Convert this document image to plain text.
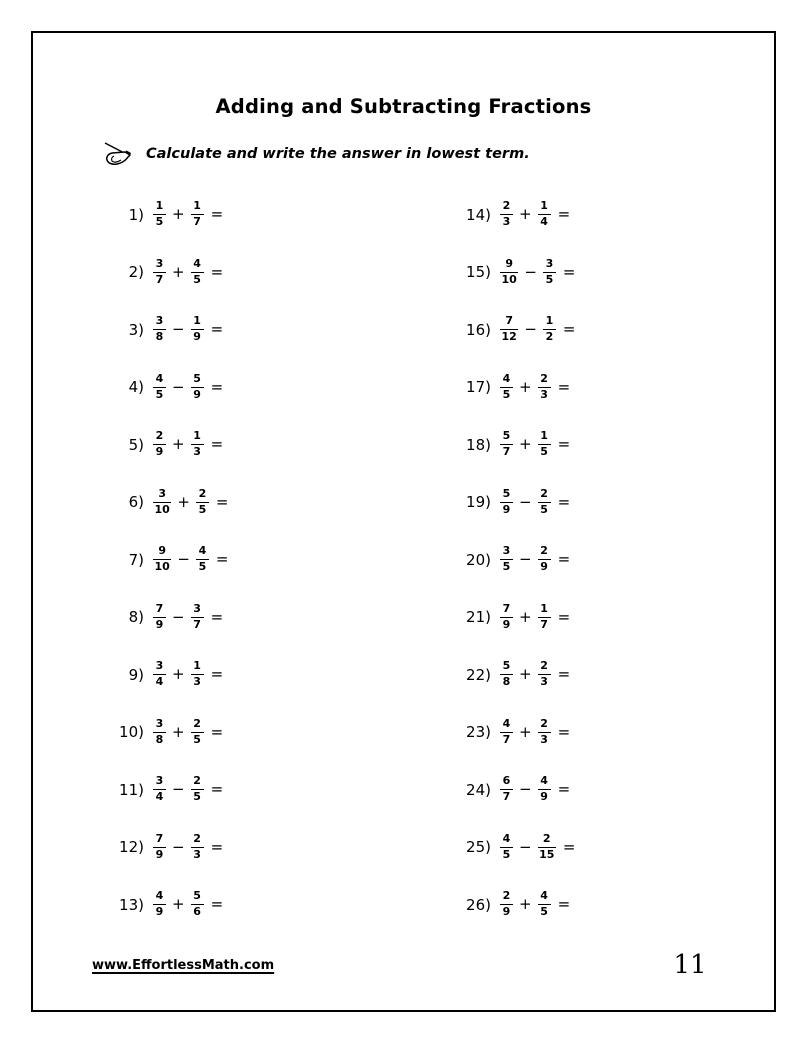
Adding and Subtracting Fractions
Calculate and write the answer in lowest term.
$1) \frac{1}{5} + \frac{1}{7}$ =
$2) \frac{3}{7} + \frac{4}{5}$ =
$3) \frac{3}{8} - \frac{1}{9}$ =
$4) \frac{4}{5} - \frac{5}{9}$ =
$5) \frac{2}{9} + \frac{1}{3}$ =
$6) \frac{3}{10} + \frac{2}{5}$ =
$7) \frac{9}{10} - \frac{4}{5}$ =
$8) \frac{7}{9} - \frac{3}{7}$ =
$9) \frac{3}{4} + \frac{1}{3}$ =
$10) \frac{3}{8} + \frac{2}{5}$ =
$11) \frac{3}{4} - \frac{2}{5}$ =
$12) \frac{7}{9} - \frac{2}{3}$ =
$13) \frac{4}{9} + \frac{5}{6}$ =
$14) \frac{2}{3} + \frac{1}{4}$ =
$15) \frac{9}{10} - \frac{3}{5}$ =
$16) \frac{7}{12} - \frac{1}{2}$ =
$17) \frac{4}{5} + \frac{2}{3}$ =
$18) \frac{5}{7} + \frac{1}{5}$ =
$19) \frac{5}{9} - \frac{2}{5}$ =
$20) \frac{3}{5} - \frac{2}{9}$ =
$21) \frac{7}{9} + \frac{1}{7}$ =
$22) \frac{5}{8} + \frac{2}{3}$ =
$23) \frac{4}{7} + \frac{2}{3}$ =
$24) \frac{6}{7} - \frac{4}{9}$ =
$25) \frac{4}{5} - \frac{2}{15}$ =
$26) \frac{2}{9} + \frac{4}{5}$ =
www.EffortlessMath.com	11
